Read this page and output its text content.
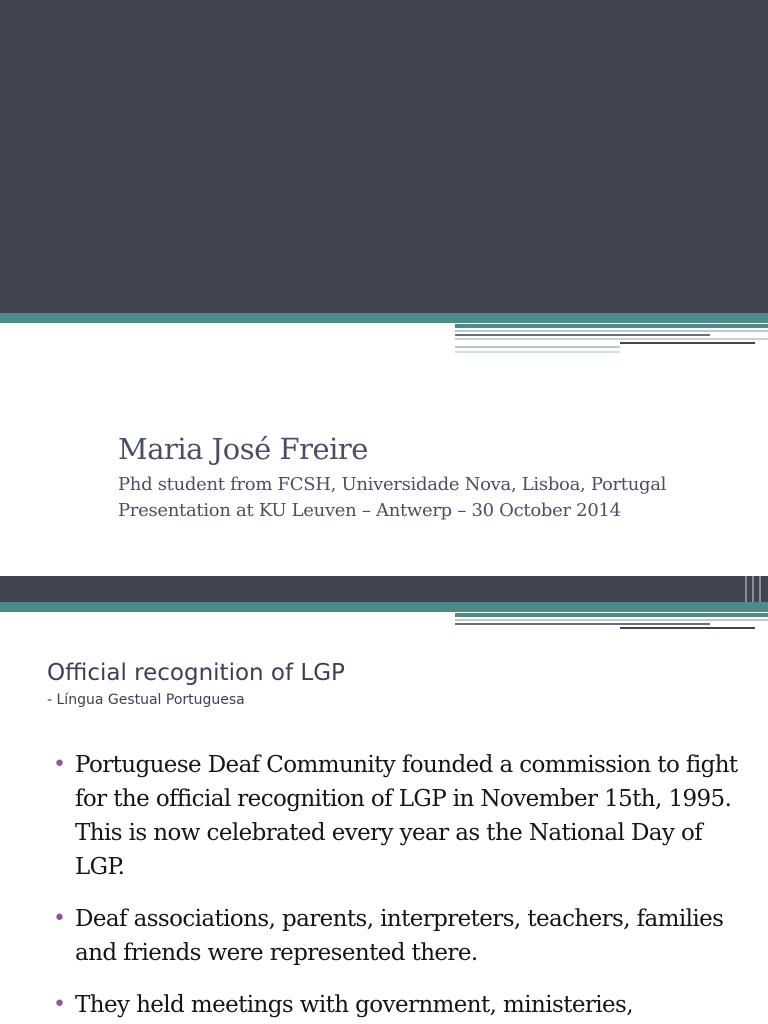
Maria José Freire
Phd student from FCSH, Universidade Nova, Lisboa, Portugal
Presentation at KU Leuven – Antwerp – 30 October 2014
Official recognition of LGP
- Língua Gestual Portuguesa
• Portuguese Deaf Community founded a commission to fight for the official recognition of LGP in November 15th, 1995. This is now celebrated every year as the National Day of LGP.
• Deaf associations, parents, interpreters, teachers, families and friends were represented there.
• They held meetings with government, ministeries,
